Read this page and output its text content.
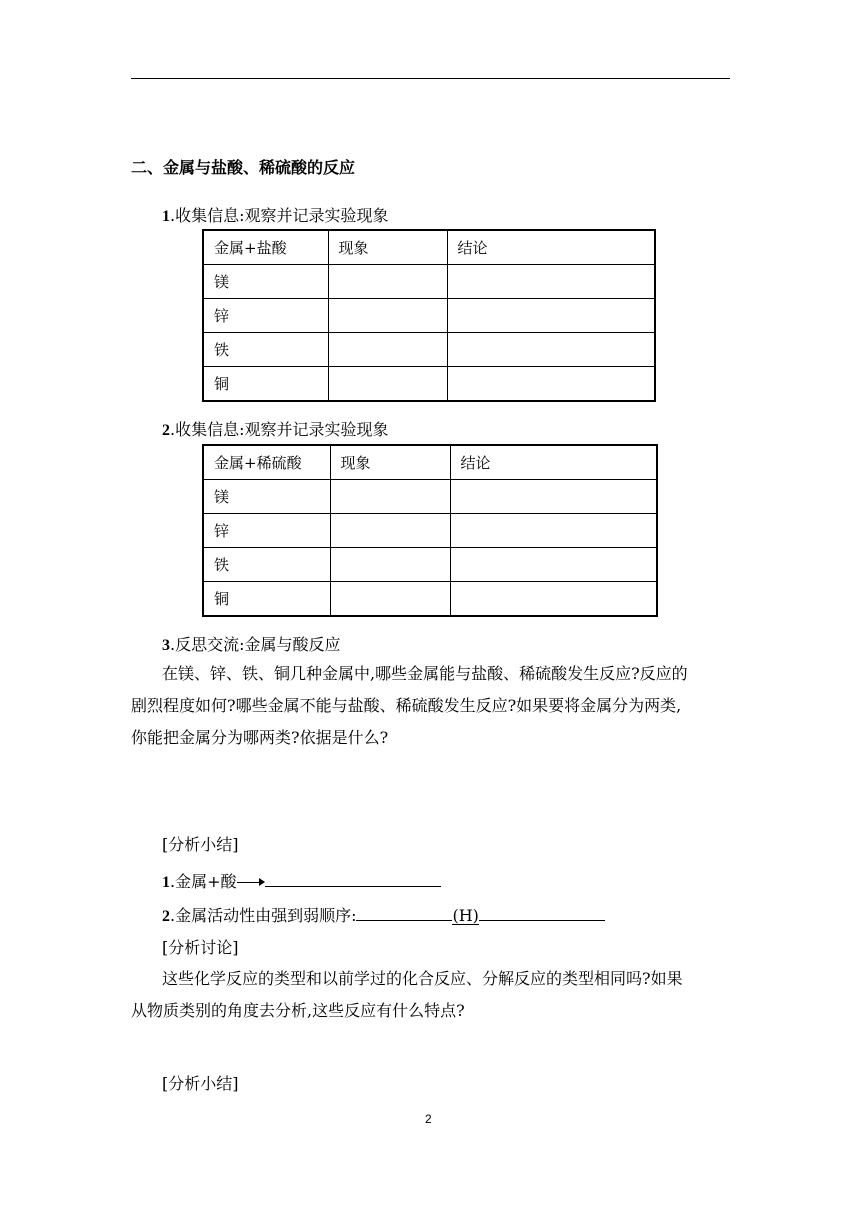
二、金属与盐酸、稀硫酸的反应
1.收集信息:观察并记录实验现象
金属+盐酸	现象	结论
镁		
锌		
铁		
铜		
2.收集信息:观察并记录实验现象
金属+稀硫酸	现象	结论
镁		
锌		
铁		
铜		
3.反思交流:金属与酸反应
在镁、锌、铁、铜几种金属中,哪些金属能与盐酸、稀硫酸发生反应?反应的
剧烈程度如何?哪些金属不能与盐酸、稀硫酸发生反应?如果要将金属分为两类,
你能把金属分为哪两类?依据是什么?
[分析小结]
1.金属+酸
2.金属活动性由强到弱顺序:	(H)
[分析讨论]
这些化学反应的类型和以前学过的化合反应、分解反应的类型相同吗?如果
从物质类别的角度去分析,这些反应有什么特点?
[分析小结]
2
